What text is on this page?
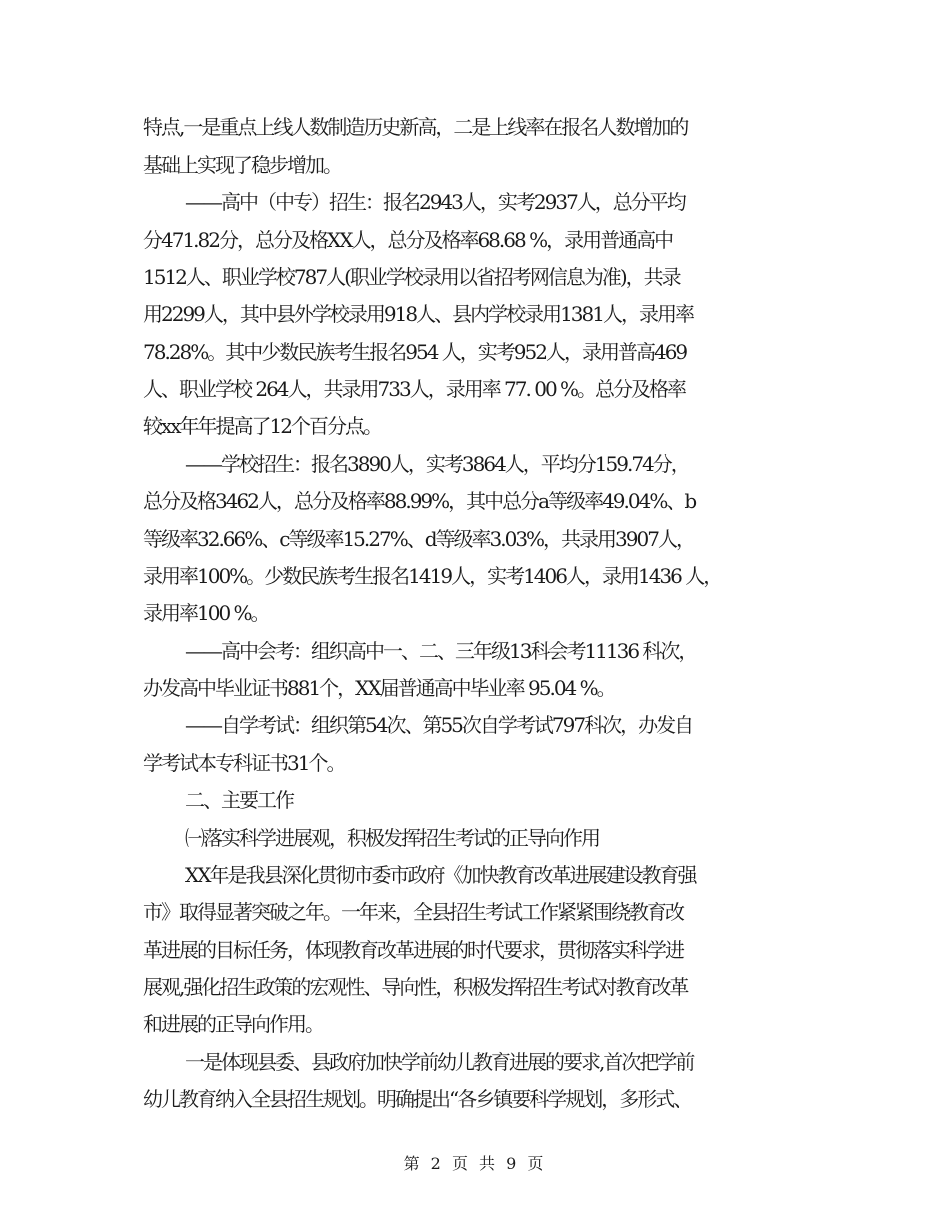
特点,一是重点上线人数制造历史新高，二是上线率在报名人数增加的
基础上实现了稳步增加。
——高中（中专）招生：报名2943人，实考2937人，总分平均
分471.82分，总分及格XX人，总分及格率68.68 %，录用普通高中
1512人、职业学校787人(职业学校录用以省招考网信息为准)，共录
用2299人，其中县外学校录用918人、县内学校录用1381人，录用率
78.28%。其中少数民族考生报名954 人，实考952人，录用普高469
人、职业学校 264人，共录用733人，录用率 77. 00 %。总分及格率
较xx年年提高了12个百分点。
——学校招生：报名3890人，实考3864人，平均分159.74分，
总分及格3462人，总分及格率88.99%，其中总分a等级率49.04%、b
等级率32.66%、c等级率15.27%、d等级率3.03%，共录用3907人，
录用率100%。少数民族考生报名1419人，实考1406人，录用1436 人，
录用率100 %。
——高中会考：组织高中一、二、三年级13科会考11136 科次，
办发高中毕业证书881个，XX届普通高中毕业率 95.04 %。
——自学考试：组织第54次、第55次自学考试797科次，办发自
学考试本专科证书31个。
二、主要工作
㈠落实科学进展观，积极发挥招生考试的正导向作用
XX年是我县深化贯彻市委市政府《加快教育改革进展建设教育强
市》取得显著突破之年。一年来，全县招生考试工作紧紧围绕教育改
革进展的目标任务，体现教育改革进展的时代要求，贯彻落实科学进
展观,强化招生政策的宏观性、导向性，积极发挥招生考试对教育改革
和进展的正导向作用。
一是体现县委、县政府加快学前幼儿教育进展的要求,首次把学前
幼儿教育纳入全县招生规划。明确提出“各乡镇要科学规划，多形式、
第 2 页 共 9 页
